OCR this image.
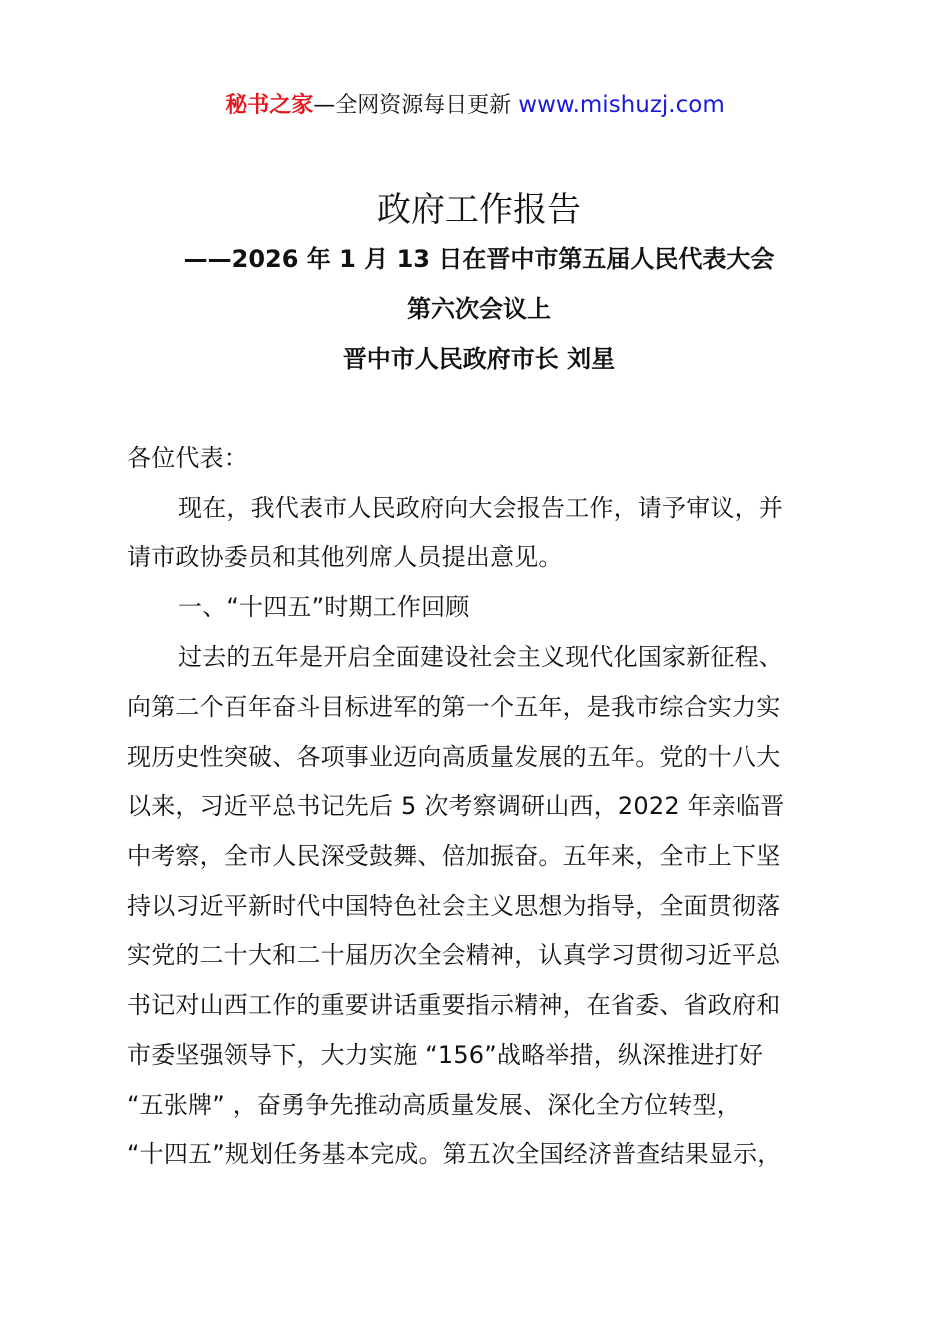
秘书之家—全网资源每日更新 www.mishuzj.com
政府工作报告
——2026 年 1 月 13 日在晋中市第五届人民代表大会
第六次会议上
晋中市人民政府市长 刘星
各位代表：
现在，我代表市人民政府向大会报告工作，请予审议，并
请市政协委员和其他列席人员提出意见。
一、“十四五”时期工作回顾
过去的五年是开启全面建设社会主义现代化国家新征程、
向第二个百年奋斗目标进军的第一个五年，是我市综合实力实
现历史性突破、各项事业迈向高质量发展的五年。党的十八大
以来，习近平总书记先后 5 次考察调研山西，2022 年亲临晋
中考察，全市人民深受鼓舞、倍加振奋。五年来，全市上下坚
持以习近平新时代中国特色社会主义思想为指导，全面贯彻落
实党的二十大和二十届历次全会精神，认真学习贯彻习近平总
书记对山西工作的重要讲话重要指示精神，在省委、省政府和
市委坚强领导下，大力实施 “156”战略举措，纵深推进打好
“五张牌” ，奋勇争先推动高质量发展、深化全方位转型，
“十四五”规划任务基本完成。第五次全国经济普查结果显示，
